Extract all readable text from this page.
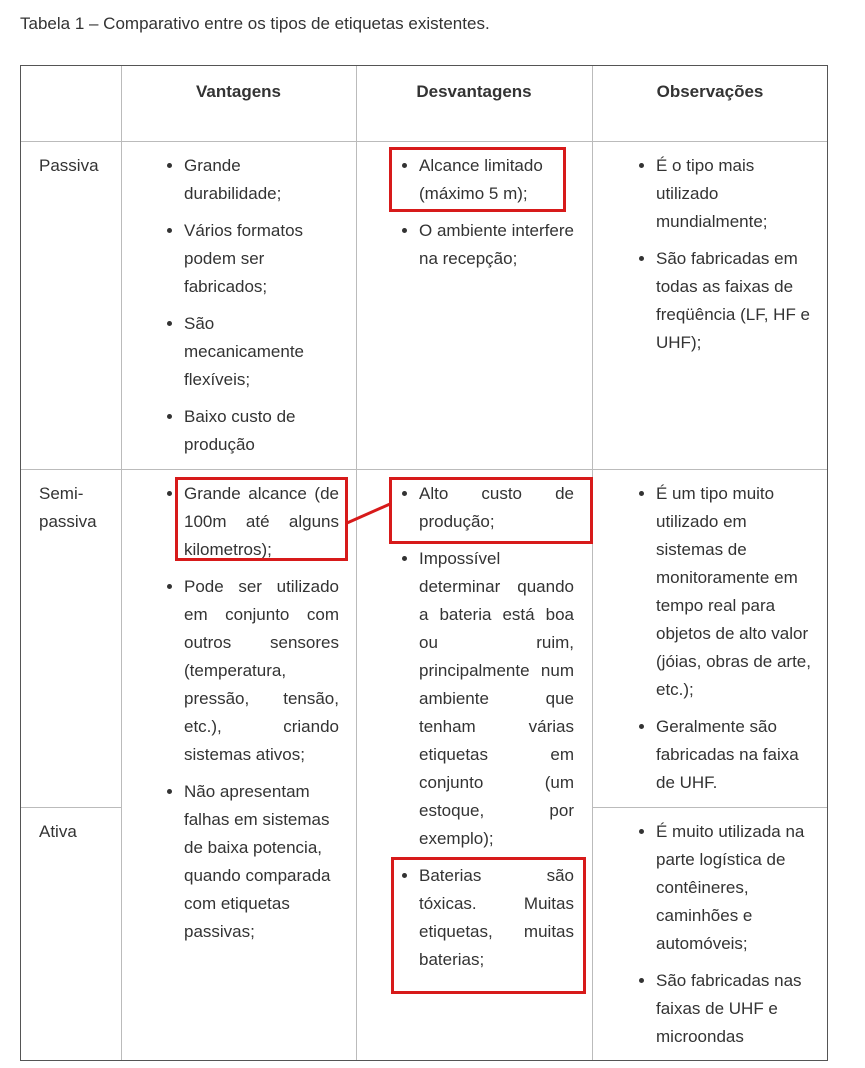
Tabela 1 – Comparativo entre os tipos de etiquetas existentes.
Vantagens	Desvantagens	Observações
Passiva
Semi-passiva
Ativa
• Grande durabilidade;
• Vários formatos podem ser fabricados;
• São mecanicamente flexíveis;
• Baixo custo de produção
• Alcance limitado (máximo 5 m);
• O ambiente interfere na recepção;
• É o tipo mais utilizado mundialmente;
• São fabricadas em todas as faixas de freqüência (LF, HF e UHF);
• Grande alcance (de 100m até alguns kilometros);
• Pode ser utilizado em conjunto com outros sensores (temperatura, pressão, tensão, etc.), criando sistemas ativos;
• Não apresentam falhas em sistemas de baixa potencia, quando comparada com etiquetas passivas;
• Alto custo de produção;
• Impossível determinar quando a bateria está boa ou ruim, principalmente num ambiente que tenham várias etiquetas em conjunto (um estoque, por exemplo);
• Baterias são tóxicas. Muitas etiquetas, muitas baterias;
• É um tipo muito utilizado em sistemas de monitoramente em tempo real para objetos de alto valor (jóias, obras de arte, etc.);
• Geralmente são fabricadas na faixa de UHF.
• É muito utilizada na parte logística de contêineres, caminhões e automóveis;
• São fabricadas nas faixas de UHF e microondas
